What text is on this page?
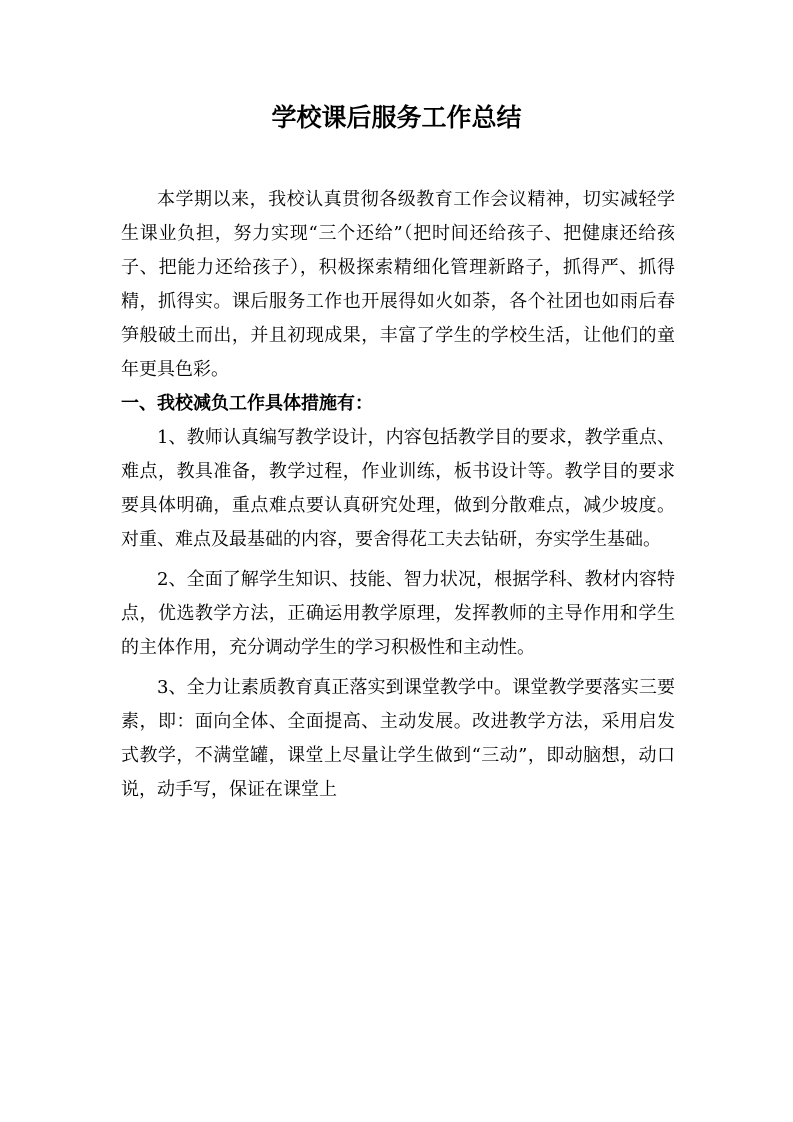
学校课后服务工作总结

本学期以来，我校认真贯彻各级教育工作会议精神，切实减轻学生课业负担，努力实现“三个还给”（把时间还给孩子、把健康还给孩子、把能力还给孩子），积极探索精细化管理新路子，抓得严、抓得精，抓得实。课后服务工作也开展得如火如荼，各个社团也如雨后春笋般破土而出，并且初现成果，丰富了学生的学校生活，让他们的童年更具色彩。

一、我校减负工作具体措施有：

1、教师认真编写教学设计，内容包括教学目的要求，教学重点、难点，教具准备，教学过程，作业训练，板书设计等。教学目的要求要具体明确，重点难点要认真研究处理，做到分散难点，减少坡度。对重、难点及最基础的内容，要舍得花工夫去钻研，夯实学生基础。

2、全面了解学生知识、技能、智力状况，根据学科、教材内容特点，优选教学方法，正确运用教学原理，发挥教师的主导作用和学生的主体作用，充分调动学生的学习积极性和主动性。

3、全力让素质教育真正落实到课堂教学中。课堂教学要落实三要素，即：面向全体、全面提高、主动发展。改进教学方法，采用启发式教学，不满堂罐，课堂上尽量让学生做到“三动”，即动脑想，动口说，动手写，保证在课堂上
